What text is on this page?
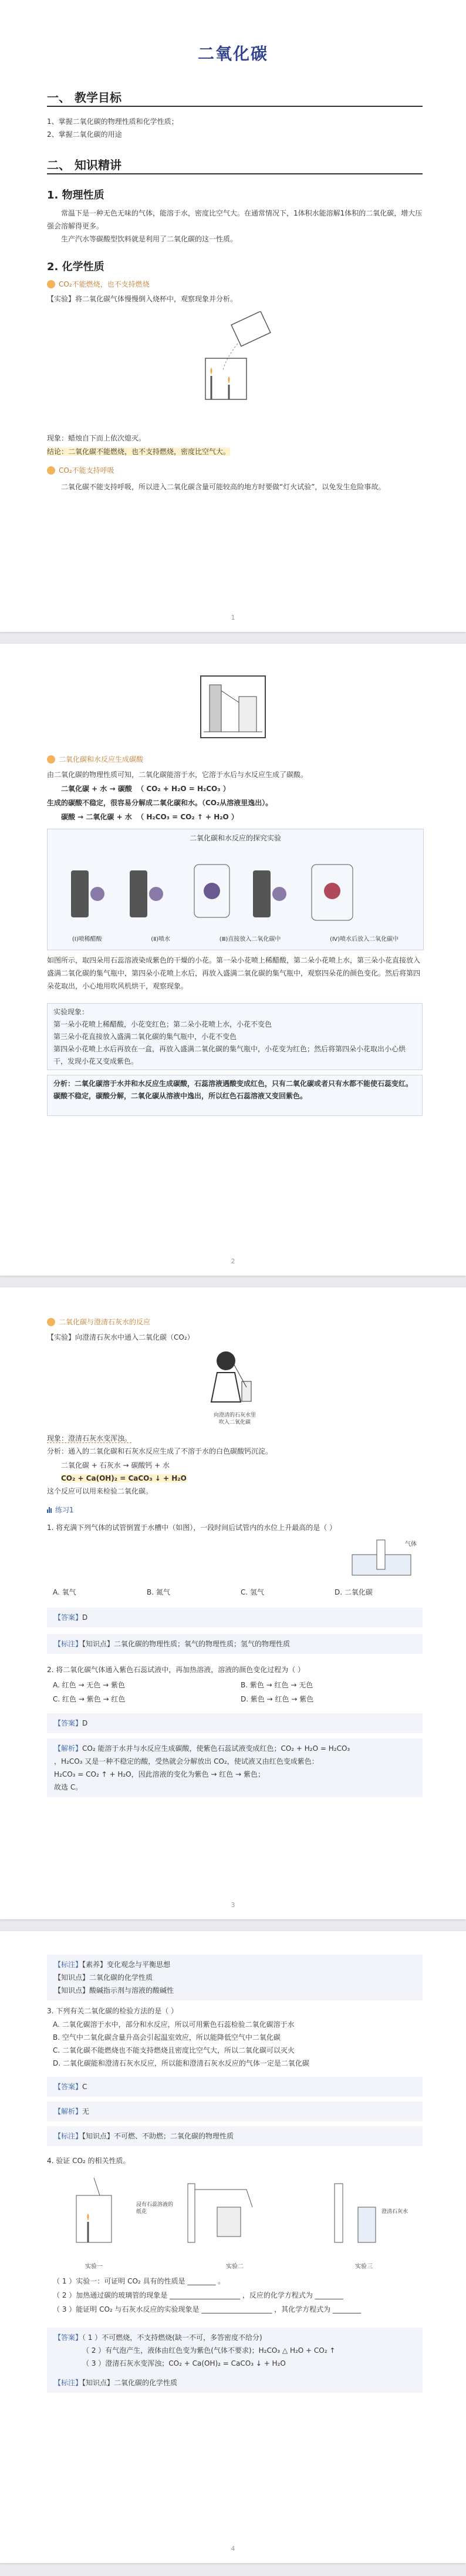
二氧化碳
一、 教学目标
1、掌握二氧化碳的物理性质和化学性质；
2、掌握二氧化碳的用途
二、 知识精讲
1. 物理性质
常温下是一种无色无味的气体，能溶于水，密度比空气大。在通常情况下，1体积水能溶解1体积的二氧化碳，增大压强会溶解得更多。
生产汽水等碳酸型饮料就是利用了二氧化碳的这一性质。
2. 化学性质
CO₂不能燃烧，也不支持燃烧
【实验】将二氧化碳气体慢慢倒入烧杯中，观察现象并分析。
现象：蜡烛自下而上依次熄灭。
结论：二氧化碳不能燃烧，也不支持燃烧，密度比空气大。
CO₂不能支持呼吸
二氧化碳不能支持呼吸，所以进入二氧化碳含量可能较高的地方时要做“灯火试验”，以免发生危险事故。
1
二氧化碳和水反应生成碳酸
由二氧化碳的物理性质可知，二氧化碳能溶于水，它溶于水后与水反应生成了碳酸。
二氧化碳 + 水 → 碳酸 （ CO₂ + H₂O = H₂CO₃ ）
生成的碳酸不稳定，很容易分解成二氧化碳和水。（CO₂从溶液里逸出）。
碳酸 → 二氧化碳 + 水 （ H₂CO₃ = CO₂ ↑ + H₂O ）
二氧化碳和水反应的探究实验
(Ⅰ)喷稀醋酸	(Ⅱ)喷水	(Ⅲ)直接放入二氧化碳中	(Ⅳ)喷水后放入二氧化碳中
如图所示，取四朵用石蕊溶液染成紫色的干燥的小花。第一朵小花喷上稀醋酸，第二朵小花喷上水，第三朵小花直接放入盛满二氧化碳的集气瓶中，第四朵小花喷上水后，再放入盛满二氧化碳的集气瓶中，观察四朵花的颜色变化。然后将第四朵花取出，小心地用吹风机烘干，观察现象。
实验现象：
第一朵小花喷上稀醋酸，小花变红色；第二朵小花喷上水，小花不变色
第三朵小花直接放入盛满二氧化碳的集气瓶中，小花不变色
第四朵小花喷上水后再放在一盒，再放入盛满二氧化碳的集气瓶中，小花变为红色；然后将第四朵小花取出小心烘干，发现小花又变成紫色。
分析：二氧化碳溶于水并和水反应生成碳酸，石蕊溶液遇酸变成红色，只有二氧化碳或者只有水都不能使石蕊变红。碳酸不稳定，碳酸分解，二氧化碳从溶液中逸出，所以红色石蕊溶液又变回紫色。
2
二氧化碳与澄清石灰水的反应
【实验】向澄清石灰水中通入二氧化碳（CO₂）
向澄清的石灰水里
吹入二氧化碳
现象：澄清石灰水变浑浊。
分析：通入的二氧化碳和石灰水反应生成了不溶于水的白色碳酸钙沉淀。
二氧化碳 + 石灰水 → 碳酸钙 + 水
CO₂ + Ca(OH)₂ = CaCO₃ ↓ + H₂O
这个反应可以用来检验二氧化碳。
练习1
1. 将充满下列气体的试管倒置于水槽中（如图），一段时间后试管内的水位上升最高的是（ ）
气体
A. 氧气	B. 氮气	C. 氢气	D. 二氧化碳
【答案】D
【标注】【知识点】二氧化碳的物理性质；氧气的物理性质；氢气的物理性质
2. 将二氧化碳气体通入紫色石蕊试液中，再加热溶液，溶液的颜色变化过程为（ ）
A. 红色 → 无色 → 紫色	B. 紫色 → 红色 → 无色
C. 红色 → 紫色 → 红色	D. 紫色 → 红色 → 紫色
【答案】D
【解析】CO₂ 能溶于水并与水反应生成碳酸，使紫色石蕊试液变成红色；CO₂ + H₂O = H₂CO₃
，H₂CO₃ 又是一种不稳定的酸，受热就会分解放出 CO₂，使试液又由红色变成紫色：
H₂CO₃ = CO₂ ↑ + H₂O，因此溶液的变化为紫色 → 红色 → 紫色；
故选 C。
3
【标注】【素养】变化观念与平衡思想
【知识点】二氧化碳的化学性质
【知识点】酸碱指示剂与溶液的酸碱性
3. 下列有关二氧化碳的检验方法的是（ ）
A. 二氧化碳溶于水中，部分和水反应，所以可用紫色石蕊检验二氧化碳溶于水
B. 空气中二氧化碳含量升高会引起温室效应，所以能降低空气中二氧化碳
C. 二氧化碳不能燃烧也不能支持燃烧且密度比空气大，所以二氧化碳可以灭火
D. 二氧化碳能和澄清石灰水反应，所以能和澄清石灰水反应的气体一定是二氧化碳
【答案】C
【解析】无
【标注】【知识点】不可燃、不助燃；二氧化碳的物理性质
4. 验证 CO₂ 的相关性质。
浸有石蕊溶液的纸花	澄清石灰水
实验一	实验二	实验三
（ 1 ）实验一：可证明 CO₂ 具有的性质是 ________ 。
（ 2 ）加热通过碳的玻璃管的现象是 ____________________ ，反应的化学方程式为 ________
（ 3 ）能证明 CO₂ 与石灰水反应的实验现象是 ____________________ ，其化学方程式为 ________
【答案】（ 1 ）不可燃烧，不支持燃烧(缺一不可，多答密度不给分)
（ 2 ）有气泡产生，液体由红色变为紫色(气体不要求)；H₂CO₃ △ H₂O + CO₂ ↑
（ 3 ）澄清石灰水变浑浊；CO₂ + Ca(OH)₂ = CaCO₃ ↓ + H₂O
【标注】【知识点】二氧化碳的化学性质
4
